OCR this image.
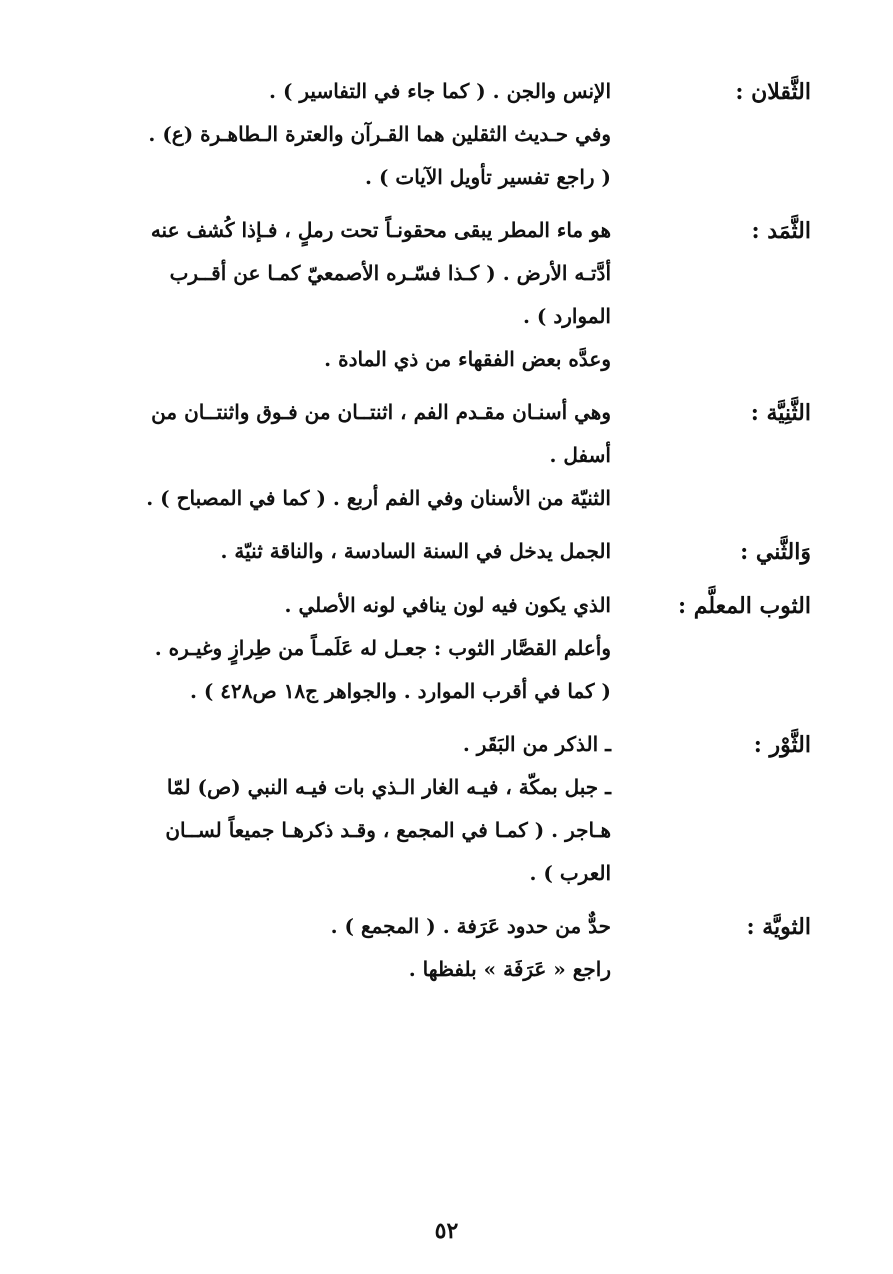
الثَّقلان :
الإنس والجن . ( كما جاء في التفاسير ) .
وفي حـديث الثقلين هما القـرآن والعترة الـطاهـرة (ع) .
( راجع تفسير تأويل الآيات ) .
الثَّمَد :
هو ماء المطر يبقى محقونـاً تحت رملٍ ، فـإذا كُشف عنه
أدَّتـه الأرض . ( كـذا فسّـره الأصمعيّ كمـا عن أقــرب
الموارد ) .
وعدَّه بعض الفقهاء من ذي المادة .
الثَّنِيَّة :
وهي أسنـان مقـدم الفم ، اثنتــان من فـوق واثنتــان من
أسفل .
الثنيّة من الأسنان وفي الفم أربع . ( كما في المصباح ) .
وَالثَّني :
الجمل يدخل في السنة السادسة ، والناقة ثنيّة .
الثوب المعلَّم :
الذي يكون فيه لون ينافي لونه الأصلي .
وأعلم القصَّار الثوب : جعـل له عَلَمـاً من طِرازٍ وغيـره .
( كما في أقرب الموارد . والجواهر ج١٨ ص٤٢٨ ) .
الثَّوْر :
ـ الذكر من البَقَر .
ـ جبل بمكّة ، فيـه الغار الـذي بات فيـه النبي (ص) لمّا
هـاجر . ( كمـا في المجمع ، وقـد ذكرهـا جميعاً لســان
العرب ) .
الثويَّة :
حدٌّ من حدود عَرَفة . ( المجمع ) .
راجع « عَرَفَة » بلفظها .
٥٢
